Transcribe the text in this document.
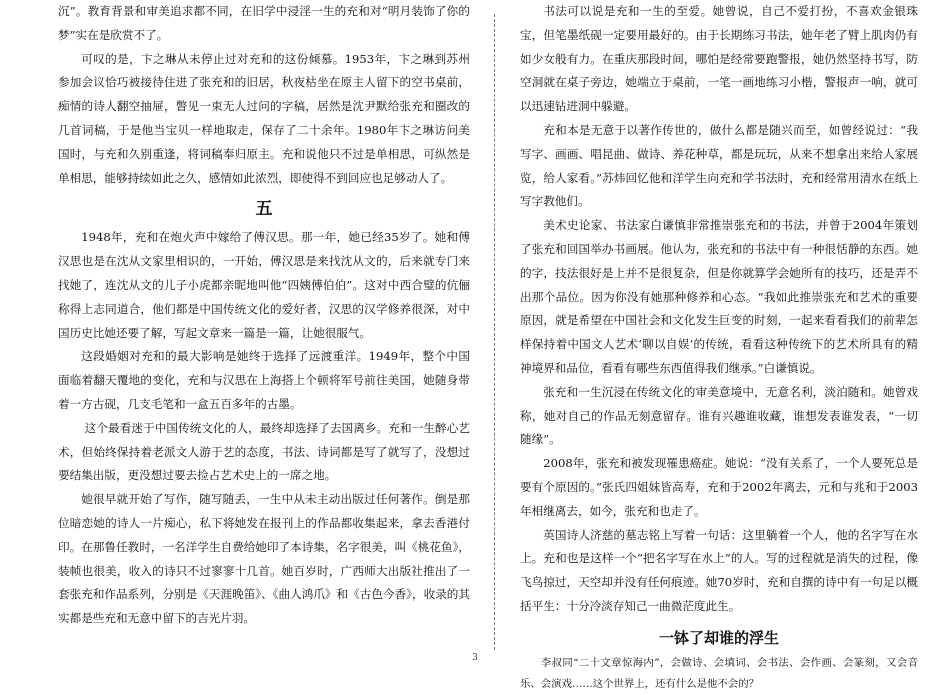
沉”。教育背景和审美追求都不同，在旧学中浸淫一生的充和对“明月装饰了你的梦”实在是欣赏不了。

可叹的是，卞之琳从未停止过对充和的这份倾慕。1953年，卞之琳到苏州参加会议恰巧被接待住进了张充和的旧居，秋夜枯坐在原主人留下的空书桌前，痴情的诗人翻空抽屉，瞥见一束无人过问的字稿，居然是沈尹默给张充和圈改的几首词稿，于是他当宝贝一样地取走，保存了二十余年。1980年卞之琳访问美国时，与充和久别重逢，将词稿奉归原主。充和说他只不过是单相思，可纵然是单相思，能够持续如此之久，感情如此浓烈，即使得不到回应也足够动人了。

五

1948年，充和在炮火声中嫁给了傅汉思。那一年，她已经35岁了。她和傅汉思也是在沈从文家里相识的，一开始，傅汉思是来找沈从文的，后来就专门来找她了，连沈从文的儿子小虎都亲昵地叫他“四姨傅伯伯”。这对中西合璧的伉俪称得上志同道合，他们都是中国传统文化的爱好者，汉思的汉学修养很深，对中国历史比她还要了解，写起文章来一篇是一篇，让她很服气。

这段婚姻对充和的最大影响是她终于选择了远渡重洋。1949年，整个中国面临着翻天覆地的变化，充和与汉思在上海搭上个顿将军号前往美国，她随身带着一方古砚，几支毛笔和一盒五百多年的古墨。

这个最看迷于中国传统文化的人，最终却选择了去国离乡。充和一生醉心艺术，但始终保持着老派文人游于艺的态度，书法、诗词都是写了就写了，没想过要结集出版，更没想过要去捡占艺术史上的一席之地。

她很早就开始了写作，随写随丢，一生中从未主动出版过任何著作。倒是那位暗恋她的诗人一片痴心，私下将她发在报刊上的作品都收集起来，拿去香港付印。在那鲁任教时，一名洋学生自费给她印了本诗集，名字很美，叫《桃花鱼》，装帧也很美，收入的诗只不过寥寥十几首。她百岁时，广西师大出版社推出了一套张充和作品系列，分别是《天涯晚笛》、《曲人鸿爪》和《古色今香》，收录的其实都是些充和无意中留下的吉光片羽。

书法可以说是充和一生的至爱。她曾说，自己不爱打扮，不喜欢金银珠宝，但笔墨纸砚一定要用最好的。由于长期练习书法，她年老了臂上肌肉仍有如少女般有力。在重庆那段时间，哪怕是经常要跑警报，她仍然坚持书写，防空洞就在桌子旁边，她端立于桌前，一笔一画地练习小楷，警报声一响，就可以迅速钻进洞中躲避。

充和本是无意于以著作传世的，做什么都是随兴而至，如曾经说过：“我写字、画画、唱昆曲、做诗、养花种草，都是玩玩，从来不想拿出来给人家展览，给人家看。”苏炜回忆他和洋学生向充和学书法时，充和经常用清水在纸上写字教他们。

美术史论家、书法家白谦慎非常推崇张充和的书法，并曾于2004年策划了张充和回国举办书画展。他认为，张充和的书法中有一种很恬静的东西。她的字，技法很好是上并不是很复杂，但是你就算学会她所有的技巧，还是弄不出那个品位。因为你没有她那种修养和心态。“我如此推崇张充和艺术的重要原因，就是希望在中国社会和文化发生巨变的时刻，一起来看看我们的前辈怎样保持着中国文人艺术‘聊以自娱’的传统，看看这种传统下的艺术所具有的精神境界和品位，看看有哪些东西值得我们继承。”白谦慎说。

张充和一生沉浸在传统文化的审美意境中，无意名利，淡泊随和。她曾戏称，她对自己的作品无刻意留存。谁有兴趣谁收藏，谁想发表谁发表，“一切随缘”。

2008年，张充和被发现罹患癌症。她说：“没有关系了，一个人要死总是要有个原因的。”张氏四姐妹皆高寿，充和于2002年离去，元和与兆和于2003年相继离去，如今，张充和也走了。

英国诗人济慈的墓志铭上写着一句话：这里躺着一个人，他的名字写在水上。充和也是这样一个“把名字写在水上”的人。写的过程就是消失的过程，像飞鸟掠过，天空却并没有任何痕迹。她70岁时，充和自撰的诗中有一句足以概括平生：十分冷淡存知己一曲微茫度此生。

一钵了却谁的浮生

李叔同“二十文章惊海内”，会做诗、会填词、会书法、会作画、会篆刻，又会音乐、会演戏……这个世界上，还有什么是他不会的？

3
